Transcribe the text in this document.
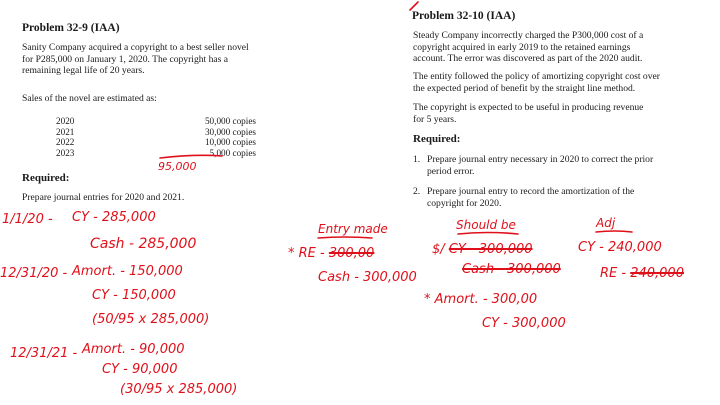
Problem 32-9 (IAA)
Sanity Company acquired a copyright to a best seller novel
for P285,000 on January 1, 2020. The copyright has a
remaining legal life of 20 years.
Sales of the novel are estimated as:
2020	50,000 copies
2021	30,000 copies
2022	10,000 copies
2023	5,000 copies
Required:
Prepare journal entries for 2020 and 2021.
Problem 32-10 (IAA)
Steady Company incorrectly charged the P300,000 cost of a
copyright acquired in early 2019 to the retained earnings
account. The error was discovered as part of the 2020 audit.
The entity followed the policy of amortizing copyright cost over
the expected period of benefit by the straight line method.
The copyright is expected to be useful in producing revenue
for 5 years.
Required:
1. Prepare journal entry necessary in 2020 to correct the prior
period error.
2. Prepare journal entry to record the amortization of the
copyright for 2020.
95,000
1/1/20 - CY - 285,000
Cash - 285,000
12/31/20 - Amort. - 150,000
CY - 150,000
(50/95 x 285,000)
12/31/21 - Amort. - 90,000
CY - 90,000
(30/95 x 285,000)
Entry made
* RE - 300,00
Cash - 300,000
Should be
$/ CY - 300,000
Cash - 300,000
* Amort. - 300,00
CY - 300,000
Adj
CY - 240,000
RE - 240,000
